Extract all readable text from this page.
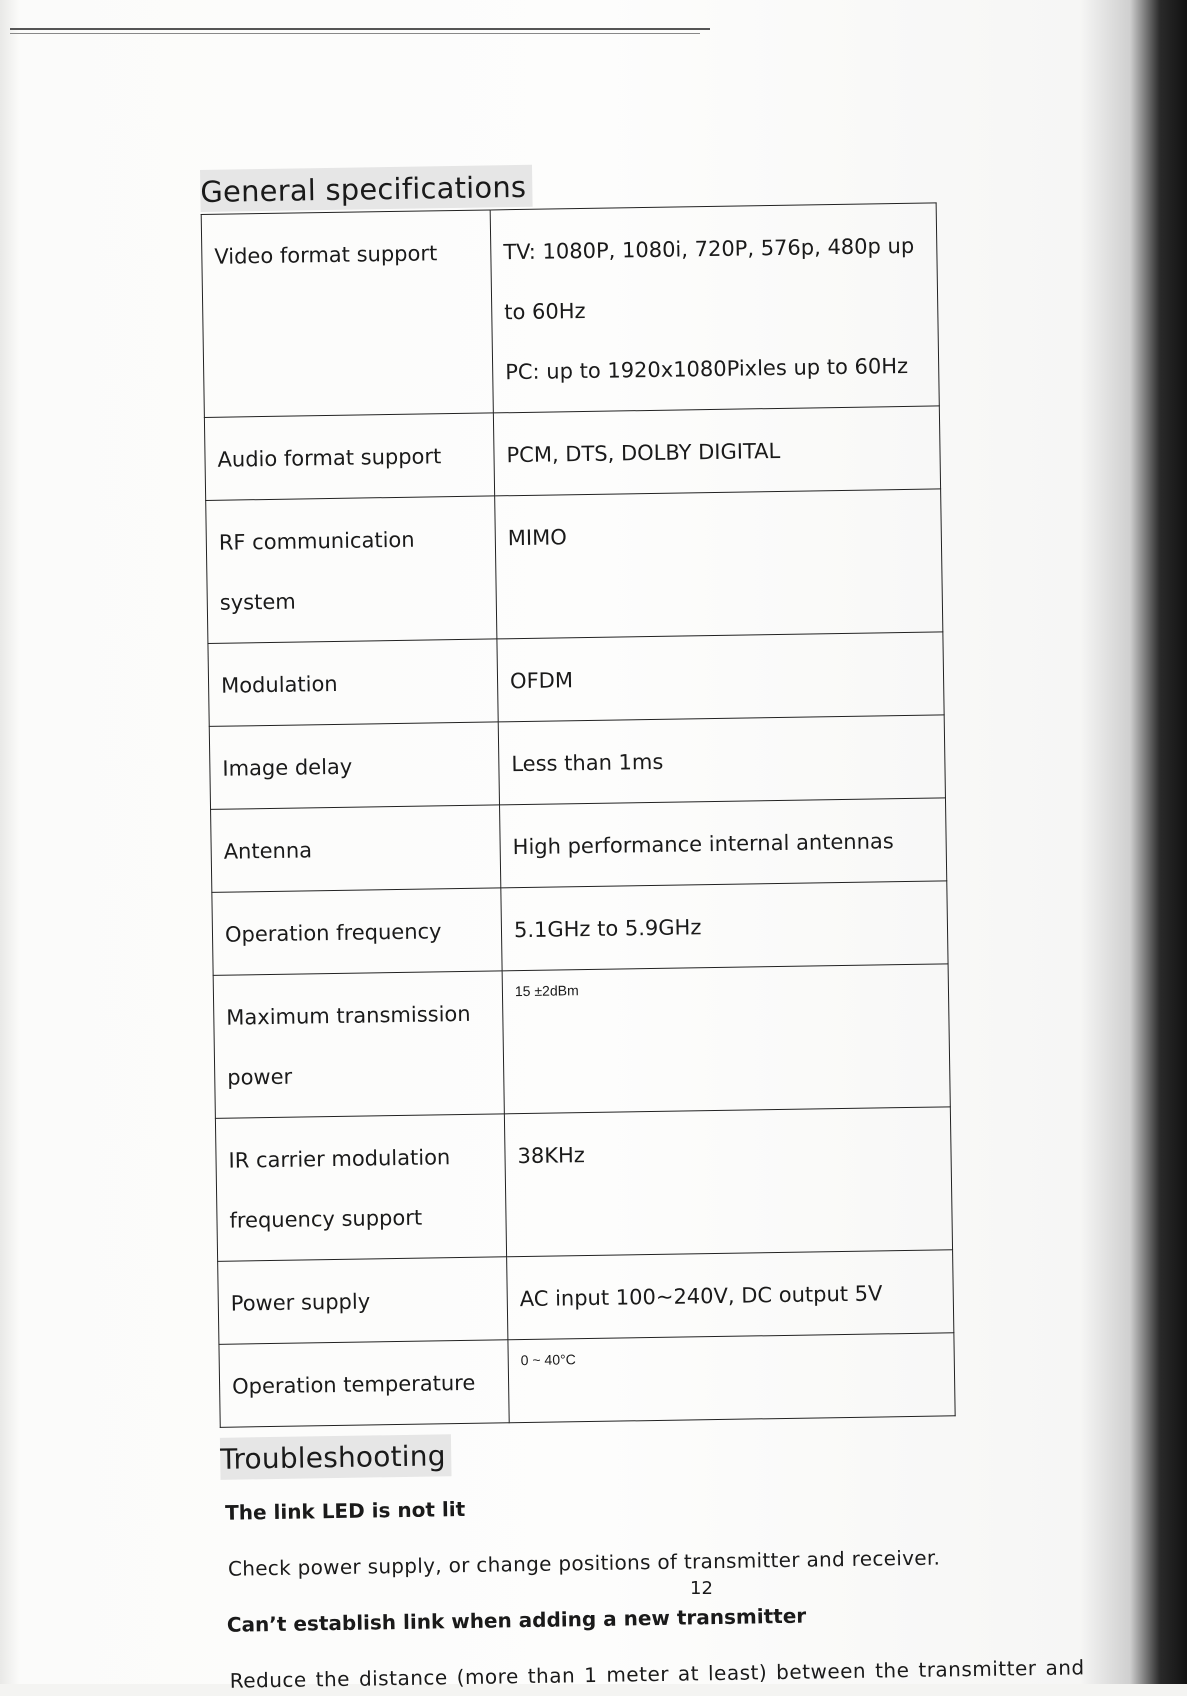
General specifications
Video format support	TV: 1080P, 1080i, 720P, 576p, 480p up
to 60Hz
PC: up to 1920x1080Pixles up to 60Hz

Audio format support	PCM, DTS, DOLBY DIGITAL
RF communication system	MIMO
Modulation	OFDM
Image delay	Less than 1ms
Antenna	High performance internal antennas
Operation frequency	5.1GHz to 5.9GHz
Maximum transmission power	15 ±2dBm

IR carrier modulation
frequency support	38KHz
Power supply	AC input 100~240V, DC output 5V
Operation temperature	0 ~ 40°C
Troubleshooting
The link LED is not lit
Check power supply, or change positions of transmitter and receiver.
Can’t establish link when adding a new transmitter
Reduce the distance (more than 1 meter at least) between the transmitter and
12
